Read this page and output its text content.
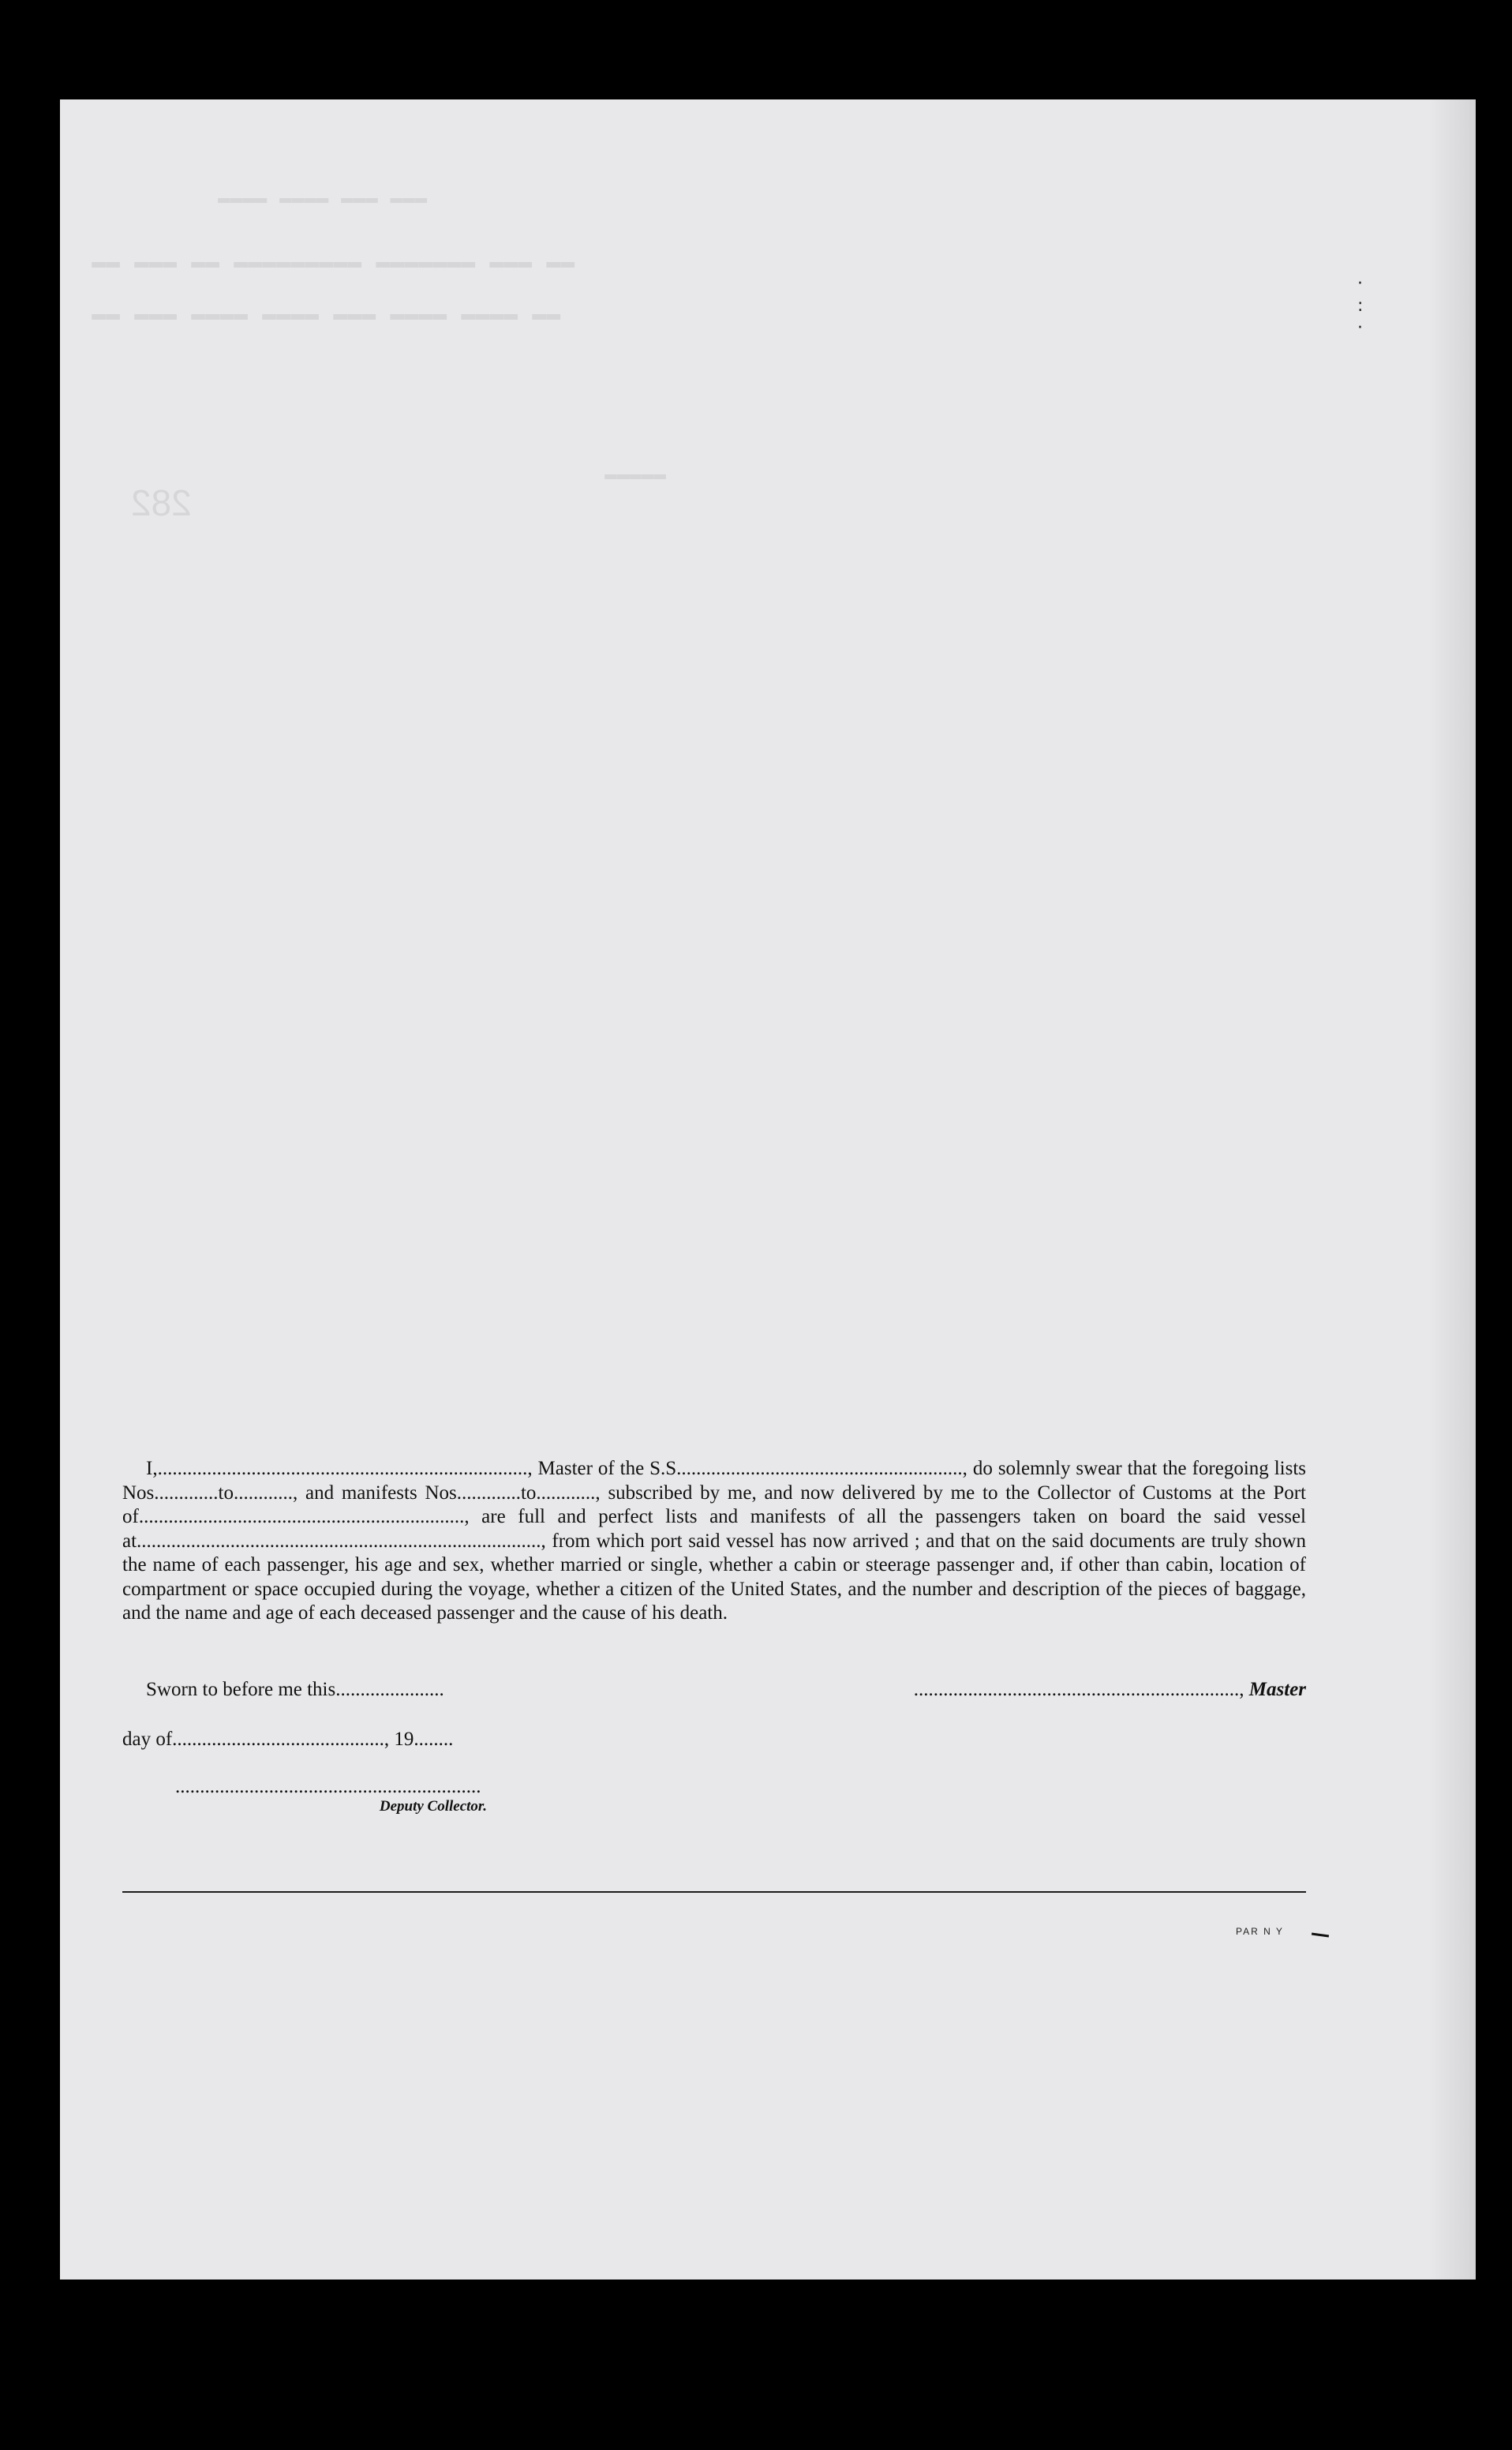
▬▬▬ ▬▬▬ ▬▬▬▬ ▬▬▬▬
▬▬ ▬▬▬ ▬▬▬▬▬▬▬ ▬▬▬▬▬▬▬▬▬ ▬▬ ▬▬▬ ▬▬
▬▬ ▬▬▬▬ ▬▬▬▬ ▬▬▬ ▬▬▬▬ ▬▬▬▬ ▬▬▬ ▬▬
▬▬▬▬▬
282
·
:
·

I,..........................................................................., Master of the S.S.........................................................., do solemnly swear that the foregoing lists Nos.............to............, and manifests Nos.............to............, subscribed by me, and now delivered by me to the Collector of Customs at the Port of.................................................................., are full and perfect lists and manifests of all the passengers taken on board the said vessel at.................................................................................., from which port said vessel has now arrived ; and that on the said documents are truly shown the name of each passenger, his age and sex, whether married or single, whether a cabin or steerage passenger and, if other than cabin, location of compartment or space occupied during the voyage, whether a citizen of the United States, and the number and description of the pieces of baggage, and the name and age of each deceased passenger and the cause of his death.

Sworn to before me this......................	.................................................................., Master
day of..........................................., 19........
..............................................................
Deputy Collector.
PAR N Y
